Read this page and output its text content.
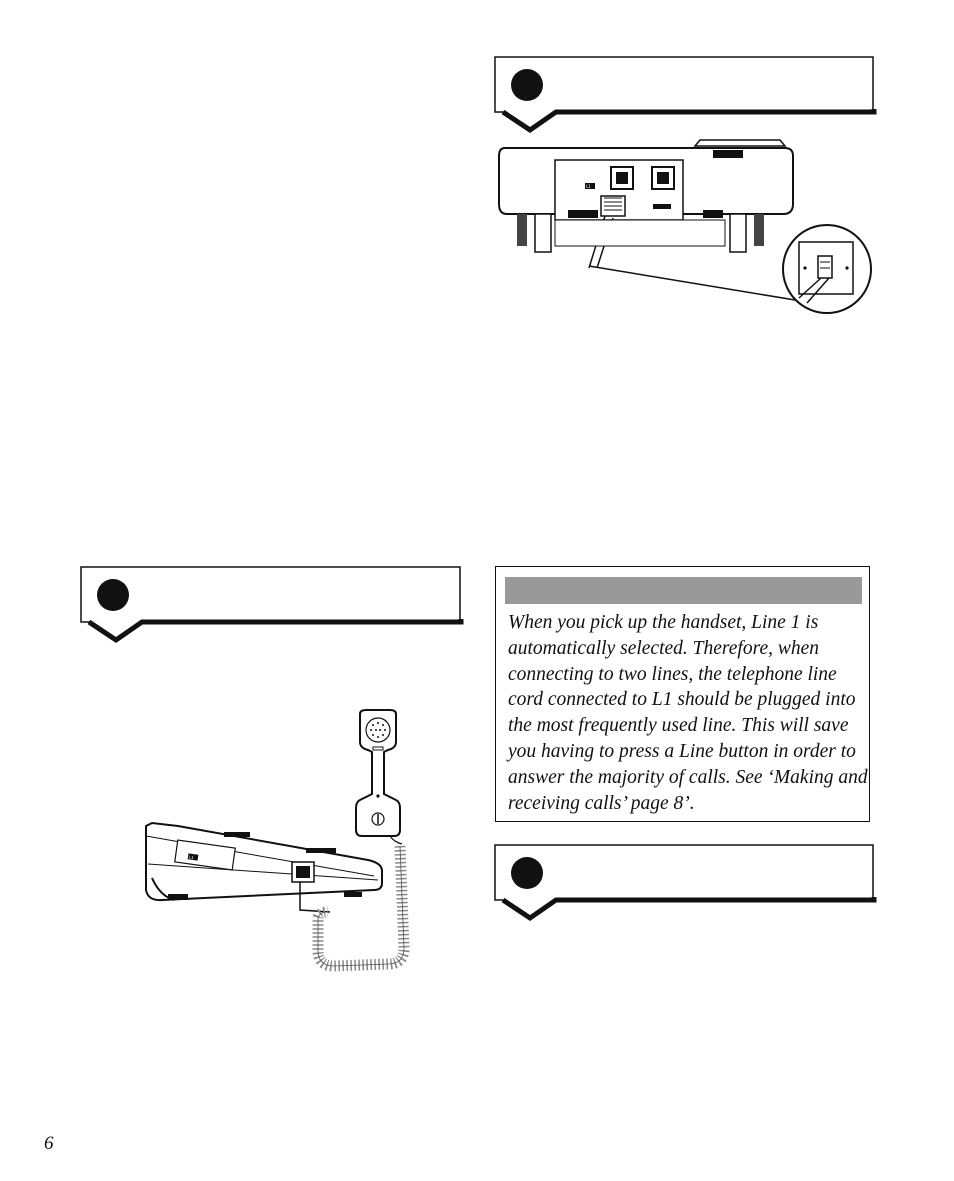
L1
When you pick up the handset, Line 1 is automatically selected. Therefore, when connecting to two lines, the telephone line cord connected to L1 should be plugged into the most frequently used line. This will save you having to press a Line button in order to answer the majority of calls. See ‘Making and receiving calls’ page 8’.
L1
6
